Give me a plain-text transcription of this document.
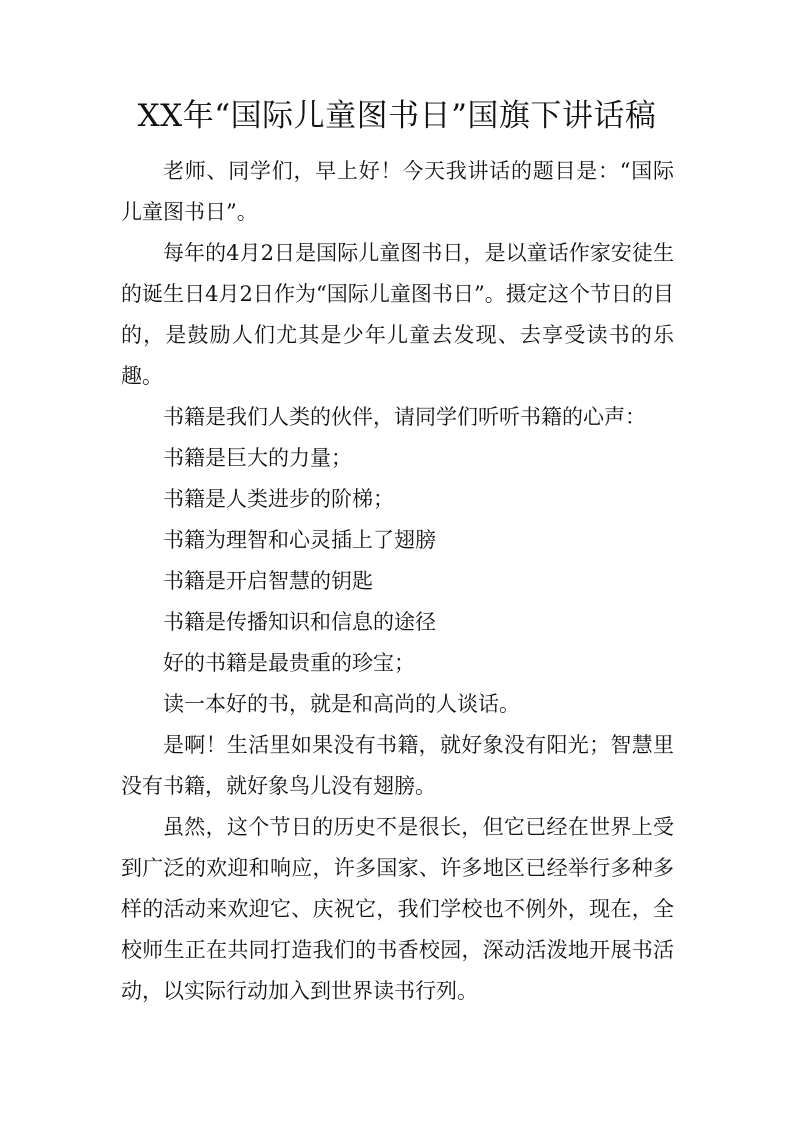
XX年“国际儿童图书日”国旗下讲话稿

老师、同学们，早上好！今天我讲话的题目是：“国际儿童图书日”。

每年的4月2日是国际儿童图书日，是以童话作家安徒生的诞生日4月2日作为“国际儿童图书日”。摄定这个节日的目的，是鼓励人们尤其是少年儿童去发现、去享受读书的乐趣。

书籍是我们人类的伙伴，请同学们听听书籍的心声：

书籍是巨大的力量；

书籍是人类进步的阶梯；

书籍为理智和心灵插上了翅膀

书籍是开启智慧的钥匙

书籍是传播知识和信息的途径

好的书籍是最贵重的珍宝；

读一本好的书，就是和高尚的人谈话。

是啊！生活里如果没有书籍，就好象没有阳光；智慧里没有书籍，就好象鸟儿没有翅膀。

虽然，这个节日的历史不是很长，但它已经在世界上受到广泛的欢迎和响应，许多国家、许多地区已经举行多种多样的活动来欢迎它、庆祝它，我们学校也不例外，现在，全校师生正在共同打造我们的书香校园，深动活泼地开展书活动，以实际行动加入到世界读书行列。
